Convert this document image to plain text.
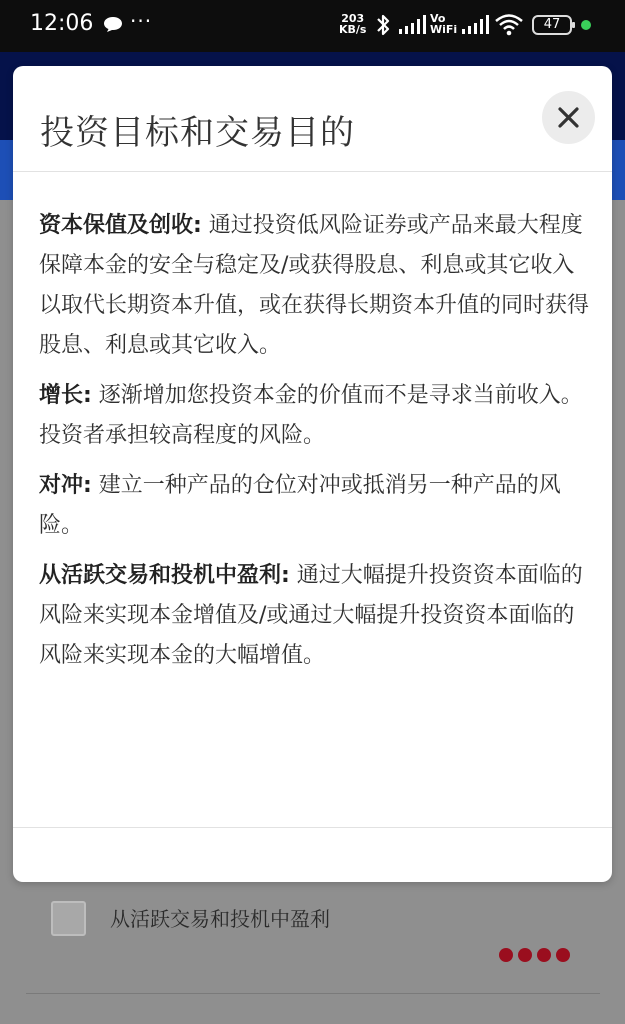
12:06 ···	203
KB/s
Vo
WiFi	47
从活跃交易和投机中盈利
投资目标和交易目的

资本保值及创收: 通过投资低风险证券或产品来最大程度保障本金的安全与稳定及/或获得股息、利息或其它收入以取代长期资本升值，或在获得长期资本升值的同时获得股息、利息或其它收入。

增长: 逐渐增加您投资本金的价值而不是寻求当前收入。投资者承担较高程度的风险。

对冲: 建立一种产品的仓位对冲或抵消另一种产品的风险。

从活跃交易和投机中盈利: 通过大幅提升投资资本面临的风险来实现本金增值及/或通过大幅提升投资资本面临的风险来实现本金的大幅增值。
